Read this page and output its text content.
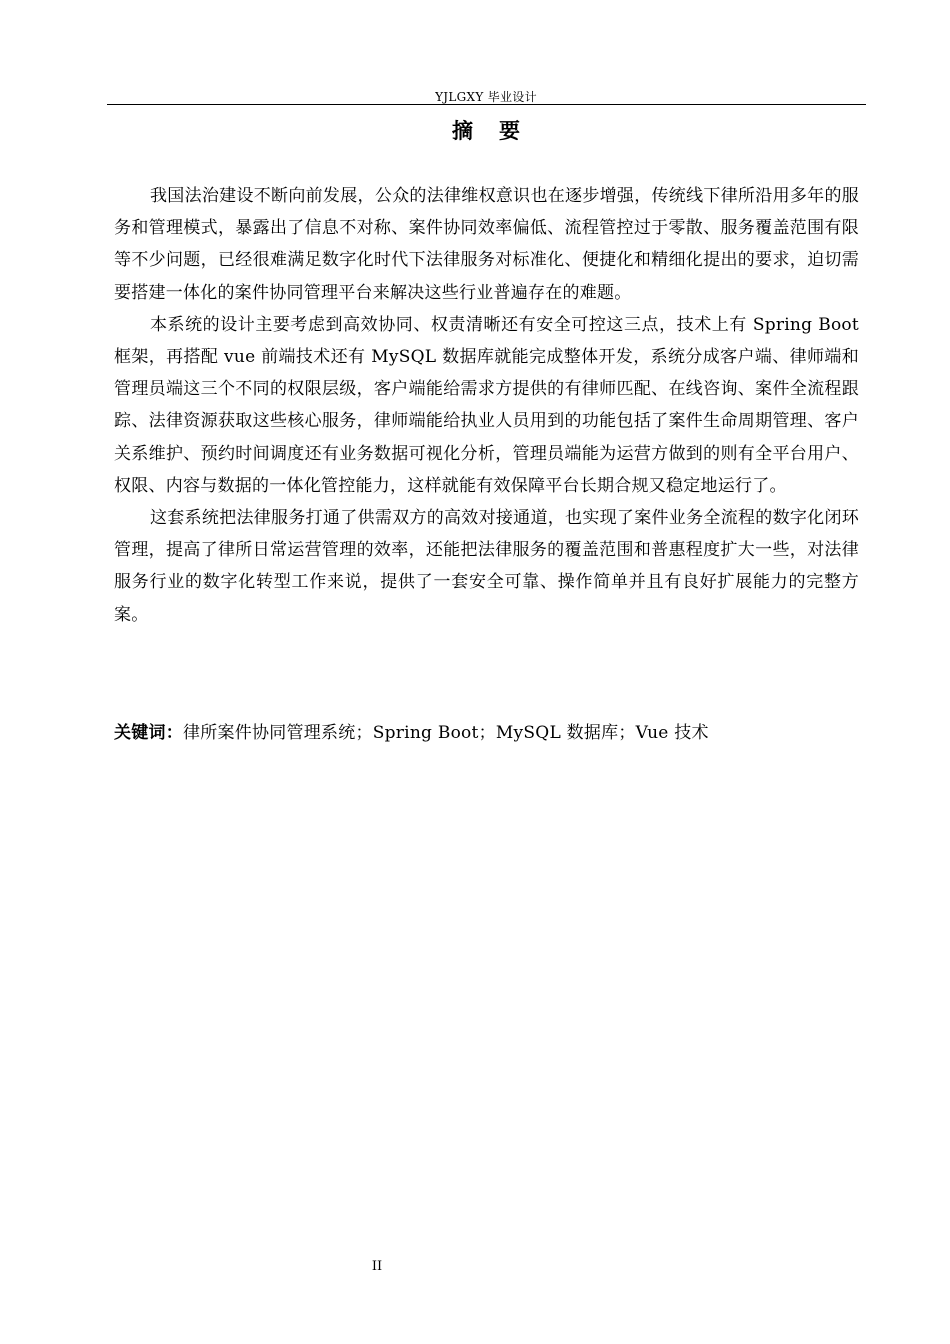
YJLGXY 毕业设计
摘要

我国法治建设不断向前发展，公众的法律维权意识也在逐步增强，传统线下律所沿用多年的服务和管理模式，暴露出了信息不对称、案件协同效率偏低、流程管控过于零散、服务覆盖范围有限等不少问题，已经很难满足数字化时代下法律服务对标准化、便捷化和精细化提出的要求，迫切需要搭建一体化的案件协同管理平台来解决这些行业普遍存在的难题。

本系统的设计主要考虑到高效协同、权责清晰还有安全可控这三点，技术上有 Spring Boot 框架，再搭配 vue 前端技术还有 MySQL 数据库就能完成整体开发，系统分成客户端、律师端和管理员端这三个不同的权限层级，客户端能给需求方提供的有律师匹配、在线咨询、案件全流程跟踪、法律资源获取这些核心服务，律师端能给执业人员用到的功能包括了案件生命周期管理、客户关系维护、预约时间调度还有业务数据可视化分析，管理员端能为运营方做到的则有全平台用户、权限、内容与数据的一体化管控能力，这样就能有效保障平台长期合规又稳定地运行了。

这套系统把法律服务打通了供需双方的高效对接通道，也实现了案件业务全流程的数字化闭环管理，提高了律所日常运营管理的效率，还能把法律服务的覆盖范围和普惠程度扩大一些，对法律服务行业的数字化转型工作来说，提供了一套安全可靠、操作简单并且有良好扩展能力的完整方案。

关键词：律所案件协同管理系统；Spring Boot；MySQL 数据库；Vue 技术
II
